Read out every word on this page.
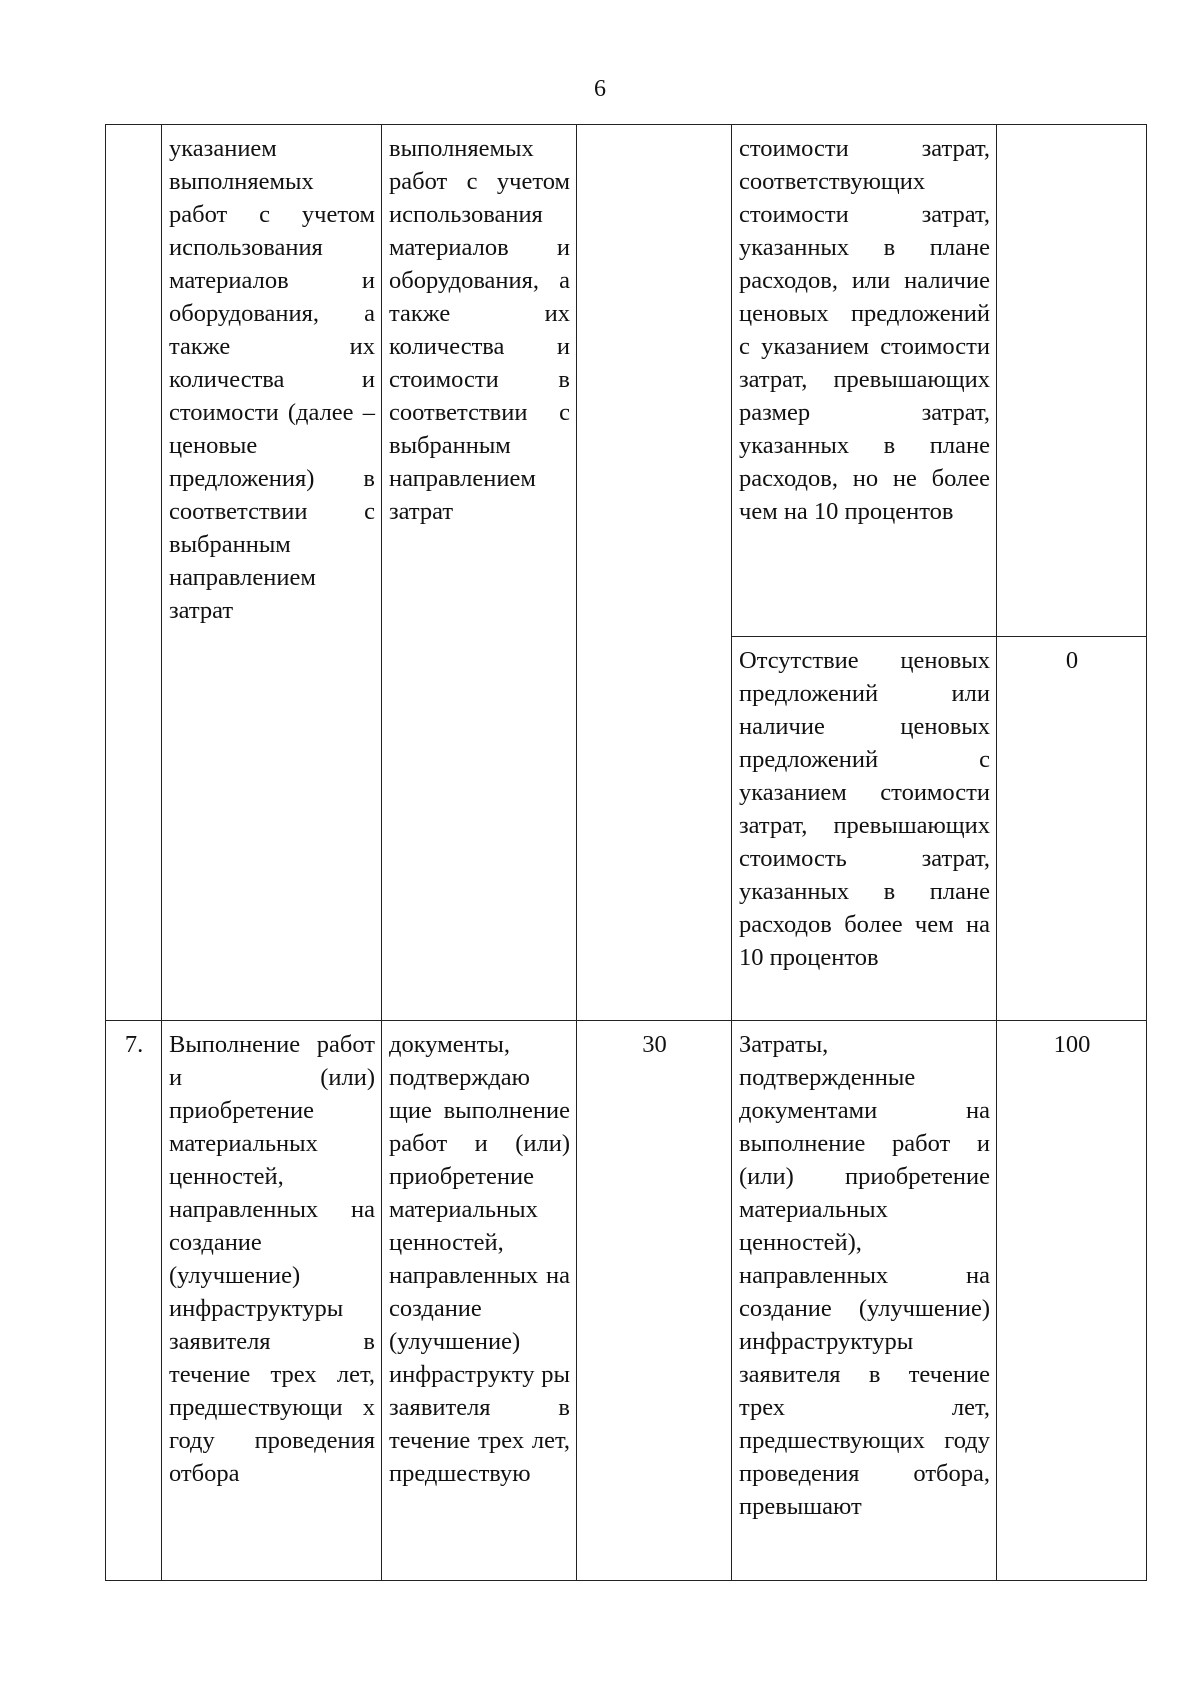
6

	указанием выполняемых работ с учетом использования материалов и оборудования, а также их количества и стоимости (далее – ценовые предложения) в соответствии с выбранным направлением затрат	выполняемых работ с учетом использования материалов и оборудования, а также их количества и стоимости в соответствии с выбранным направлением затрат		стоимости затрат, соответствующих стоимости затрат, указанных в плане расходов, или наличие ценовых предложений с указанием стоимости затрат, превышающих размер затрат, указанных в плане расходов, но не более чем на 10 процентов	

				Отсутствие ценовых предложений или наличие ценовых предложений с указанием стоимости затрат, превышающих стоимость затрат, указанных в плане расходов более чем на 10 процентов	0
7.	Выполнение работ и (или) приобретение материальных ценностей, направленных на создание (улучшение) инфраструктуры заявителя в течение трех лет, предшествующи х году проведения отбора	документы, подтверждаю щие выполнение работ и (или) приобретение материальных ценностей, направленных на создание (улучшение) инфраструкту ры заявителя в течение трех лет, предшествую	30	Затраты, подтвержденные документами на выполнение работ и (или) приобретение материальных ценностей), направленных на создание (улучшение) инфраструктуры заявителя в течение трех лет, предшествующих году проведения отбора, превышают	100
